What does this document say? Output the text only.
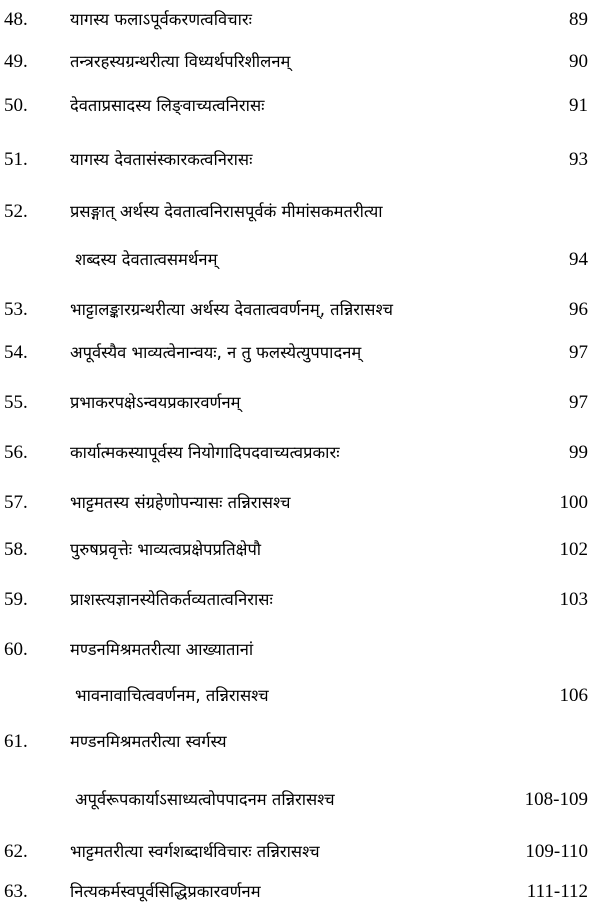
48.	यागस्य फलाऽपूर्वकरणत्वविचारः	89
49.	तन्त्ररहस्यग्रन्थरीत्या विध्यर्थपरिशीलनम्	90
50.	देवताप्रसादस्य लिङ्वाच्यत्वनिरासः	91
51.	यागस्य देवतासंस्कारकत्वनिरासः	93
52.	प्रसङ्गात् अर्थस्य देवतात्वनिरासपूर्वकं मीमांसकमतरीत्या
शब्दस्य देवतात्वसमर्थनम्	94
53.	भाट्टालङ्कारग्रन्थरीत्या अर्थस्य देवतात्ववर्णनम्, तन्निरासश्च	96
54.	अपूर्वस्यैव भाव्यत्वेनान्वयः, न तु फलस्येत्युपपादनम्	97
55.	प्रभाकरपक्षेऽन्वयप्रकारवर्णनम्	97
56.	कार्यात्मकस्यापूर्वस्य नियोगादिपदवाच्यत्वप्रकारः	99
57.	भाट्टमतस्य संग्रहेणोपन्यासः तन्निरासश्च	100
58.	पुरुषप्रवृत्तेः भाव्यत्वप्रक्षेपप्रतिक्षेपौ	102
59.	प्राशस्त्यज्ञानस्येतिकर्तव्यतात्वनिरासः	103
60.	मण्डनमिश्रमतरीत्या आख्यातानां
भावनावाचित्ववर्णनम, तन्निरासश्च	106
61.	मण्डनमिश्रमतरीत्या स्वर्गस्य
अपूर्वरूपकार्याऽसाध्यत्वोपपादनम तन्निरासश्च	108-109
62.	भाट्टमतरीत्या स्वर्गशब्दार्थविचारः तन्निरासश्च	109-110
63.	नित्यकर्मस्वपूर्वसिद्धिप्रकारवर्णनम	111-112
